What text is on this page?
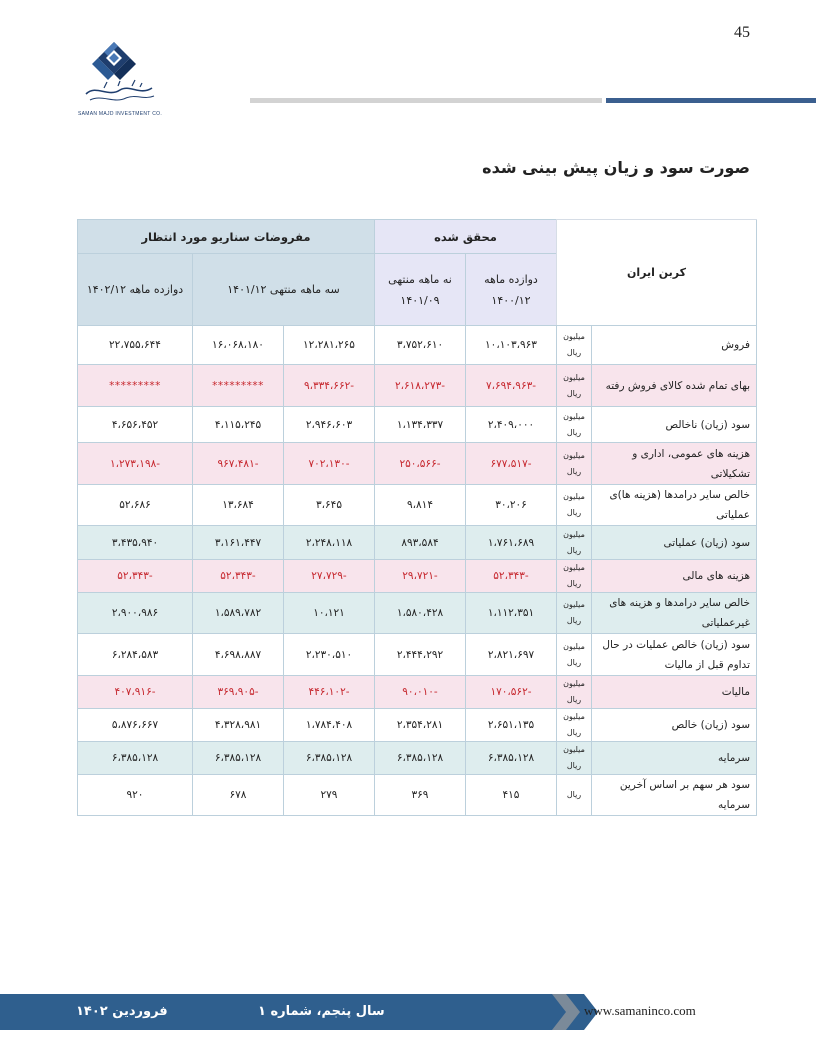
45
SAMAN MAJD INVESTMENT CO.
صورت سود و زیان پیش بینی شده
کربن ایران		محقق شده		مفروضات سناریو مورد انتظار		
		دوازده ماهه ۱۴۰۰/۱۲	نه ماهه منتهی ۱۴۰۱/۰۹	سه ماهه منتهی ۱۴۰۱/۱۲		دوازده ماهه ۱۴۰۲/۱۲
فروش	میلیون ریال	۱۰،۱۰۳،۹۶۳	۳،۷۵۲،۶۱۰	۱۲،۲۸۱،۲۶۵	۱۶،۰۶۸،۱۸۰	۲۲،۷۵۵،۶۴۴
بهای تمام شده کالای فروش رفته	میلیون ریال	-۷،۶۹۴،۹۶۳	-۲،۶۱۸،۲۷۳	-۹،۳۳۴،۶۶۲	*********	*********
سود (زیان) ناخالص	میلیون ریال	۲،۴۰۹،۰۰۰	۱،۱۳۴،۳۳۷	۲،۹۴۶،۶۰۳	۴،۱۱۵،۲۴۵	۴،۶۵۶،۴۵۲
هزینه های عمومی، اداری و تشکیلاتی	میلیون ریال	-۶۷۷،۵۱۷	-۲۵۰،۵۶۶	-۷۰۲،۱۳۰	-۹۶۷،۴۸۱	-۱،۲۷۳،۱۹۸
خالص سایر درامدها (هزینه ها)ی عملیاتی	میلیون ریال	۳۰،۲۰۶	۹،۸۱۴	۳،۶۴۵	۱۳،۶۸۴	۵۲،۶۸۶
سود (زیان) عملیاتی	میلیون ریال	۱،۷۶۱،۶۸۹	۸۹۳،۵۸۴	۲،۲۴۸،۱۱۸	۳،۱۶۱،۴۴۷	۳،۴۳۵،۹۴۰
هزینه های مالی	میلیون ریال	-۵۲،۳۴۳	-۲۹،۷۲۱	-۲۷،۷۲۹	-۵۲،۳۴۳	-۵۲،۳۴۳
خالص سایر درامدها و هزینه های غیرعملیاتی	میلیون ریال	۱،۱۱۲،۳۵۱	۱،۵۸۰،۴۲۸	۱۰،۱۲۱	۱،۵۸۹،۷۸۲	۲،۹۰۰،۹۸۶
سود (زیان) خالص عملیات در حال تداوم قبل از مالیات	میلیون ریال	۲،۸۲۱،۶۹۷	۲،۴۴۴،۲۹۲	۲،۲۳۰،۵۱۰	۴،۶۹۸،۸۸۷	۶،۲۸۴،۵۸۳
مالیات	میلیون ریال	-۱۷۰،۵۶۲	-۹۰،۰۱۰	-۴۴۶،۱۰۲	-۳۶۹،۹۰۵	-۴۰۷،۹۱۶
سود (زیان) خالص	میلیون ریال	۲،۶۵۱،۱۳۵	۲،۳۵۴،۲۸۱	۱،۷۸۴،۴۰۸	۴،۳۲۸،۹۸۱	۵،۸۷۶،۶۶۷
سرمایه	میلیون ریال	۶،۳۸۵،۱۲۸	۶،۳۸۵،۱۲۸	۶،۳۸۵،۱۲۸	۶،۳۸۵،۱۲۸	۶،۳۸۵،۱۲۸
سود هر سهم بر اساس آخرین سرمایه	ریال	۴۱۵	۳۶۹	۲۷۹	۶۷۸	۹۲۰
www.samaninco.com
سال پنجم، شماره ۱
فروردین ۱۴۰۲
